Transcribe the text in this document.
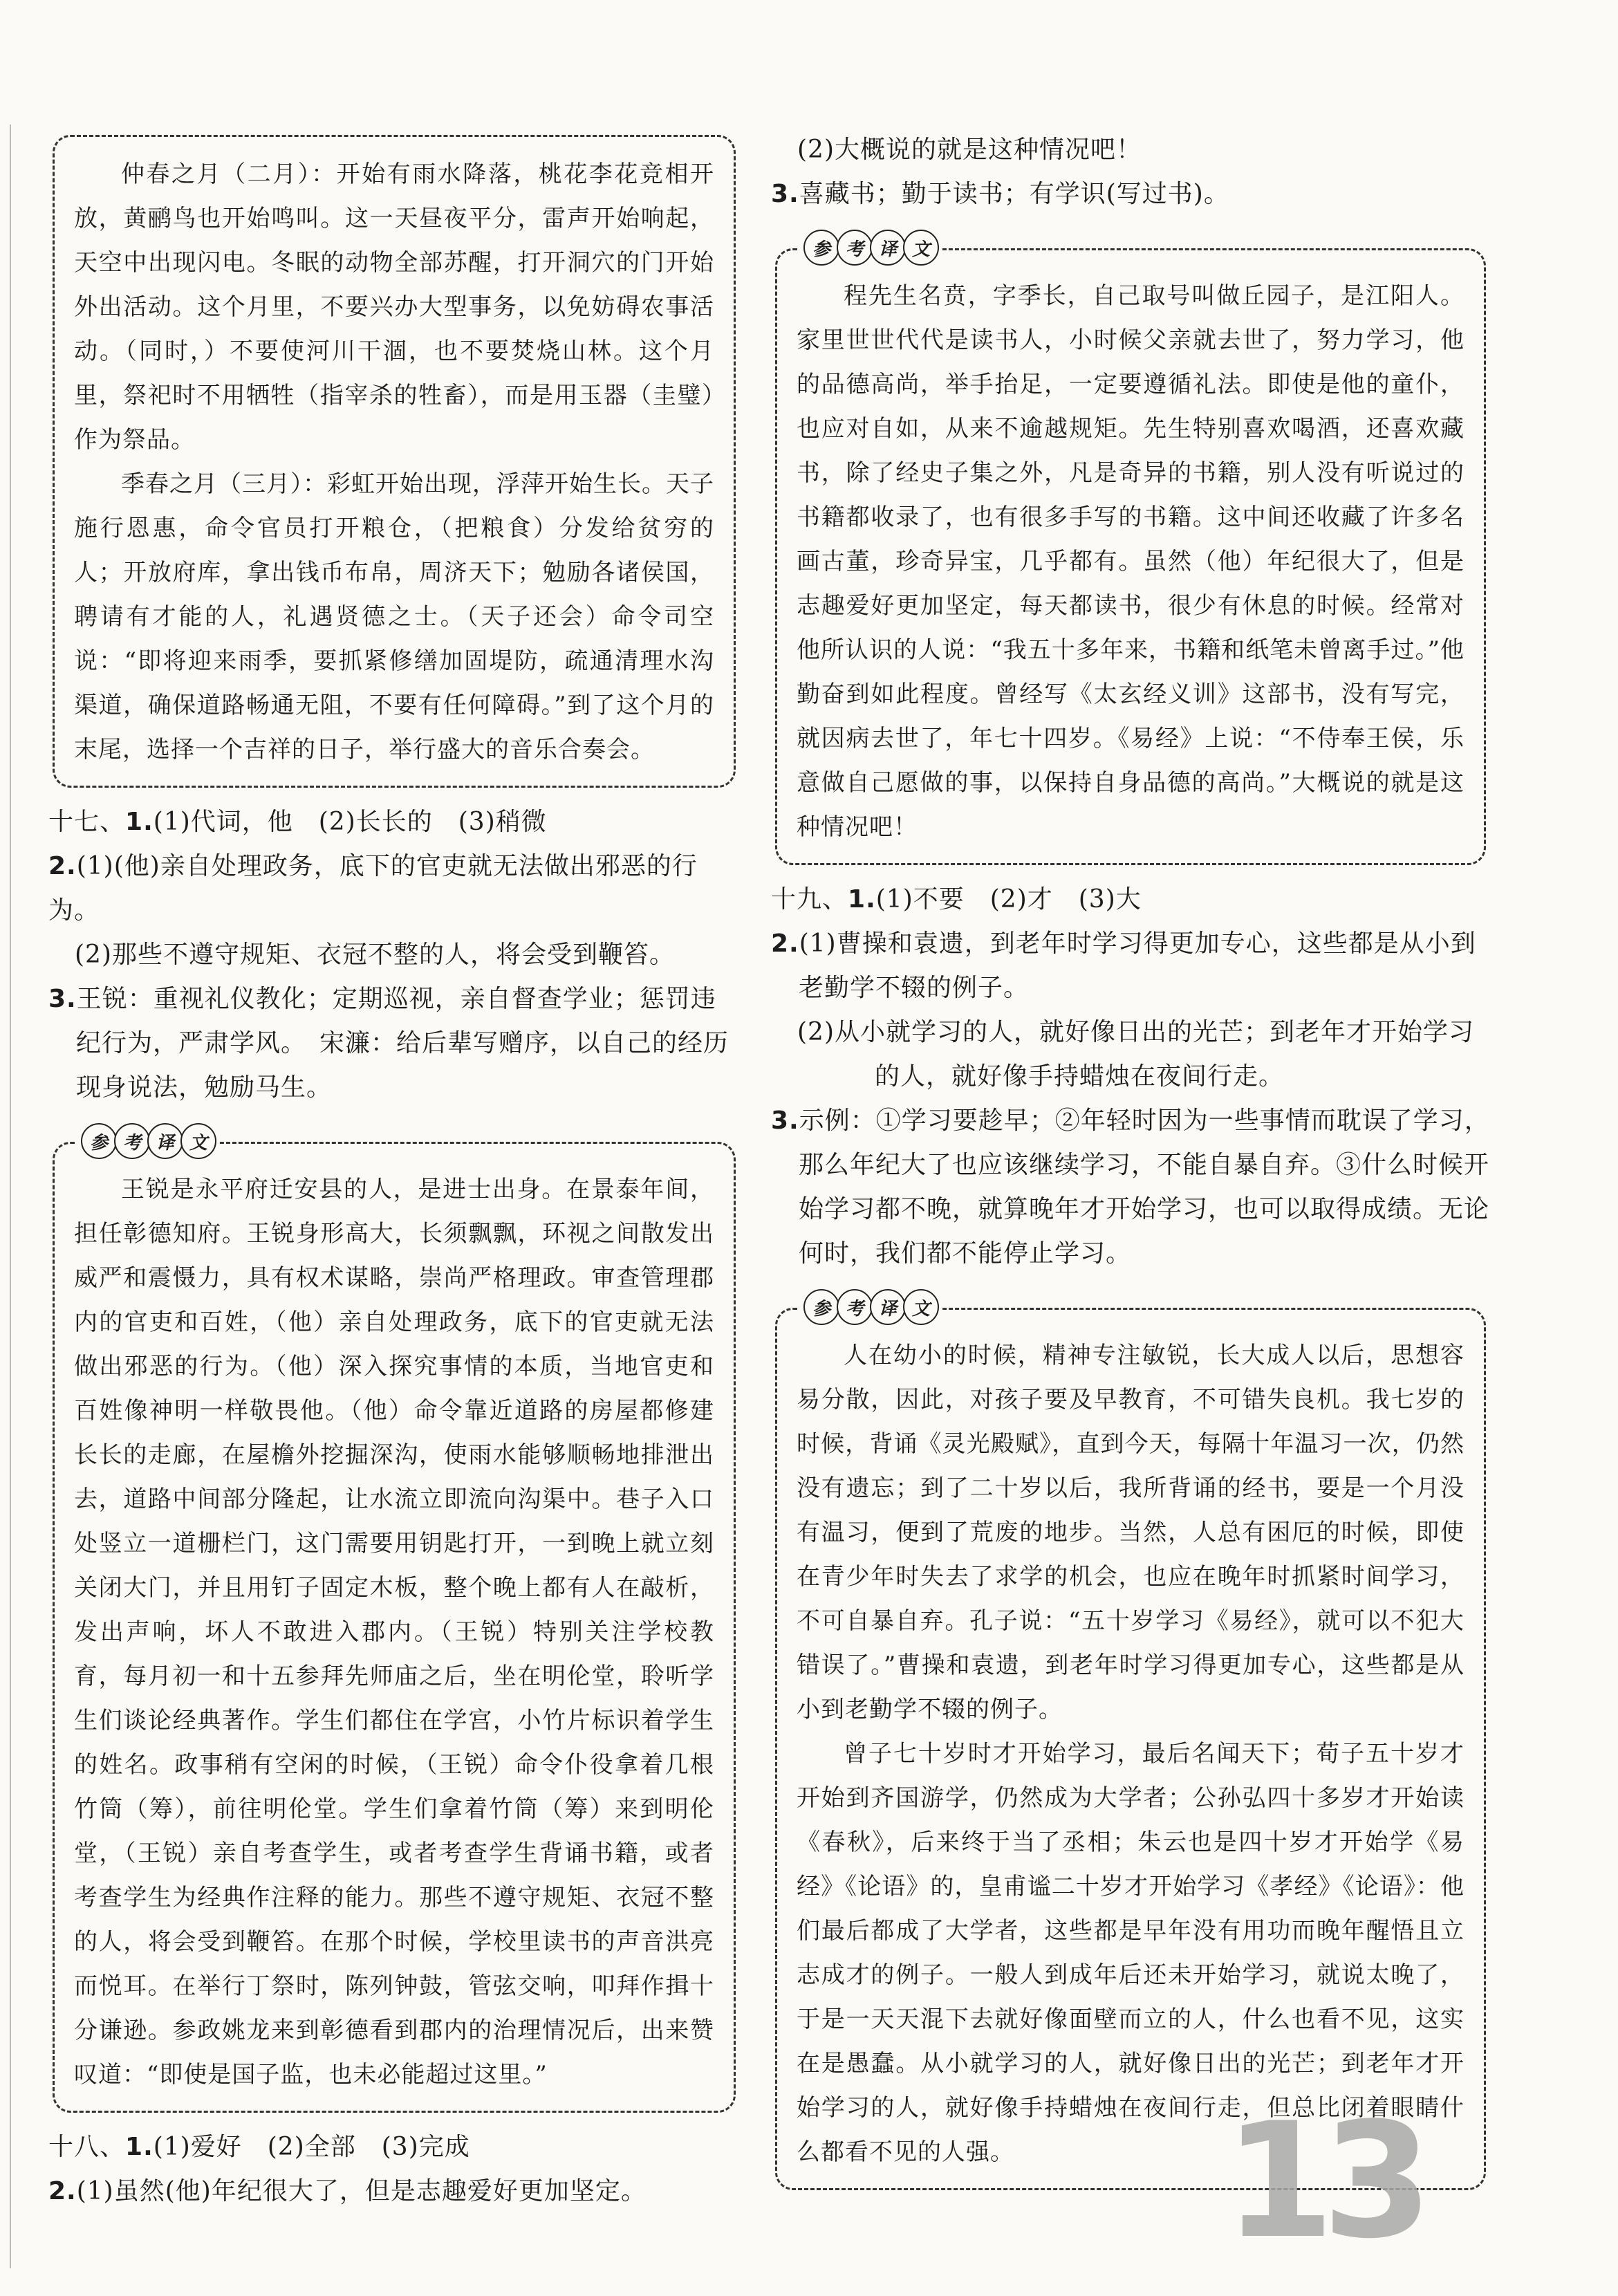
仲春之月（二月）：开始有雨水降落，桃花李花竞相开放，黄鹂鸟也开始鸣叫。这一天昼夜平分，雷声开始响起，天空中出现闪电。冬眠的动物全部苏醒，打开洞穴的门开始外出活动。这个月里，不要兴办大型事务，以免妨碍农事活动。（同时，）不要使河川干涸，也不要焚烧山林。这个月里，祭祀时不用牺牲（指宰杀的牲畜），而是用玉器（圭璧）作为祭品。

季春之月（三月）：彩虹开始出现，浮萍开始生长。天子施行恩惠，命令官员打开粮仓，（把粮食）分发给贫穷的人；开放府库，拿出钱币布帛，周济天下；勉励各诸侯国，聘请有才能的人，礼遇贤德之士。（天子还会）命令司空说：“即将迎来雨季，要抓紧修缮加固堤防，疏通清理水沟渠道，确保道路畅通无阻，不要有任何障碍。”到了这个月的末尾，选择一个吉祥的日子，举行盛大的音乐合奏会。

十七、1.(1)代词，他　(2)长长的　(3)稍微

2.(1)(他)亲自处理政务，底下的官吏就无法做出邪恶的行为。

(2)那些不遵守规矩、衣冠不整的人，将会受到鞭笞。

3.王锐：重视礼仪教化；定期巡视，亲自督查学业；惩罚违纪行为，严肃学风。　宋濂：给后辈写赠序，以自己的经历现身说法，勉励马生。

参 考 译 文

王锐是永平府迁安县的人，是进士出身。在景泰年间，担任彰德知府。王锐身形高大，长须飘飘，环视之间散发出威严和震慑力，具有权术谋略，崇尚严格理政。审查管理郡内的官吏和百姓，（他）亲自处理政务，底下的官吏就无法做出邪恶的行为。（他）深入探究事情的本质，当地官吏和百姓像神明一样敬畏他。（他）命令靠近道路的房屋都修建长长的走廊，在屋檐外挖掘深沟，使雨水能够顺畅地排泄出去，道路中间部分隆起，让水流立即流向沟渠中。巷子入口处竖立一道栅栏门，这门需要用钥匙打开，一到晚上就立刻关闭大门，并且用钉子固定木板，整个晚上都有人在敲析，发出声响，坏人不敢进入郡内。（王锐）特别关注学校教育，每月初一和十五参拜先师庙之后，坐在明伦堂，聆听学生们谈论经典著作。学生们都住在学宫，小竹片标识着学生的姓名。政事稍有空闲的时候，（王锐）命令仆役拿着几根竹筒（筹），前往明伦堂。学生们拿着竹筒（筹）来到明伦堂，（王锐）亲自考查学生，或者考查学生背诵书籍，或者考查学生为经典作注释的能力。那些不遵守规矩、衣冠不整的人，将会受到鞭笞。在那个时候，学校里读书的声音洪亮而悦耳。在举行丁祭时，陈列钟鼓，管弦交响，叩拜作揖十分谦逊。参政姚龙来到彰德看到郡内的治理情况后，出来赞叹道：“即使是国子监，也未必能超过这里。”

十八、1.(1)爱好　(2)全部　(3)完成

2.(1)虽然(他)年纪很大了，但是志趣爱好更加坚定。

(2)大概说的就是这种情况吧！

3.喜藏书；勤于读书；有学识(写过书)。

参 考 译 文

程先生名贲，字季长，自己取号叫做丘园子，是江阳人。家里世世代代是读书人，小时候父亲就去世了，努力学习，他的品德高尚，举手抬足，一定要遵循礼法。即使是他的童仆，也应对自如，从来不逾越规矩。先生特别喜欢喝酒，还喜欢藏书，除了经史子集之外，凡是奇异的书籍，别人没有听说过的书籍都收录了，也有很多手写的书籍。这中间还收藏了许多名画古董，珍奇异宝，几乎都有。虽然（他）年纪很大了，但是志趣爱好更加坚定，每天都读书，很少有休息的时候。经常对他所认识的人说：“我五十多年来，书籍和纸笔未曾离手过。”他勤奋到如此程度。曾经写《太玄经义训》这部书，没有写完，就因病去世了，年七十四岁。《易经》上说：“不侍奉王侯，乐意做自己愿做的事，以保持自身品德的高尚。”大概说的就是这种情况吧！

十九、1.(1)不要　(2)才　(3)大

2.(1)曹操和袁遗，到老年时学习得更加专心，这些都是从小到老勤学不辍的例子。

(2)从小就学习的人，就好像日出的光芒；到老年才开始学习的人，就好像手持蜡烛在夜间行走。

3.示例：①学习要趁早；②年轻时因为一些事情而耽误了学习，那么年纪大了也应该继续学习，不能自暴自弃。③什么时候开始学习都不晚，就算晚年才开始学习，也可以取得成绩。无论何时，我们都不能停止学习。

参 考 译 文

人在幼小的时候，精神专注敏锐，长大成人以后，思想容易分散，因此，对孩子要及早教育，不可错失良机。我七岁的时候，背诵《灵光殿赋》，直到今天，每隔十年温习一次，仍然没有遗忘；到了二十岁以后，我所背诵的经书，要是一个月没有温习，便到了荒废的地步。当然，人总有困厄的时候，即使在青少年时失去了求学的机会，也应在晚年时抓紧时间学习，不可自暴自弃。孔子说：“五十岁学习《易经》，就可以不犯大错误了。”曹操和袁遗，到老年时学习得更加专心，这些都是从小到老勤学不辍的例子。

曾子七十岁时才开始学习，最后名闻天下；荀子五十岁才开始到齐国游学，仍然成为大学者；公孙弘四十多岁才开始读《春秋》，后来终于当了丞相；朱云也是四十岁才开始学《易经》《论语》的，皇甫谧二十岁才开始学习《孝经》《论语》：他们最后都成了大学者，这些都是早年没有用功而晚年醒悟且立志成才的例子。一般人到成年后还未开始学习，就说太晚了，于是一天天混下去就好像面壁而立的人，什么也看不见，这实在是愚蠢。从小就学习的人，就好像日出的光芒；到老年才开始学习的人，就好像手持蜡烛在夜间行走，但总比闭着眼睛什么都看不见的人强。	13
